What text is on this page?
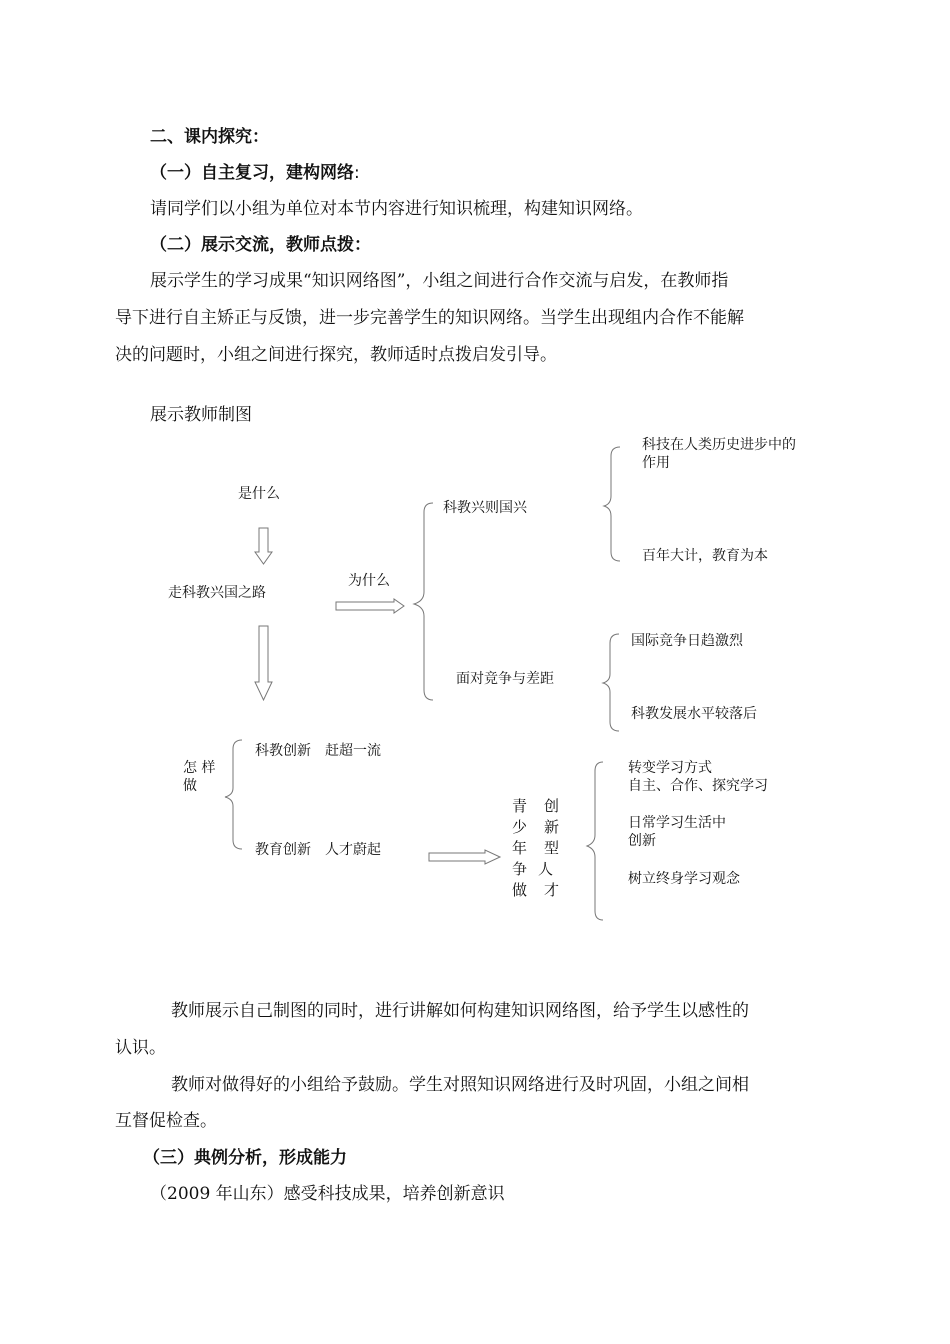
二、课内探究：
（一）自主复习，建构网络:
请同学们以小组为单位对本节内容进行知识梳理，构建知识网络。
（二）展示交流，教师点拨：
展示学生的学习成果“知识网络图”，小组之间进行合作交流与启发，在教师指
导下进行自主矫正与反馈，进一步完善学生的知识网络。当学生出现组内合作不能解
决的问题时，小组之间进行探究，教师适时点拨启发引导。
展示教师制图
是什么
走科教兴国之路
为什么
科教兴则国兴
科技在人类历史进步中的
作用
百年大计，教育为本
面对竞争与差距
国际竞争日趋激烈
科教发展水平较落后
怎 样
做
科教创新　赶超一流
教育创新　人才蔚起
青
少
年
争
做
创
新
型
人
才
转变学习方式
自主、合作、探究学习
日常学习生活中
创新
树立终身学习观念
教师展示自己制图的同时，进行讲解如何构建知识网络图，给予学生以感性的
认识。
教师对做得好的小组给予鼓励。学生对照知识网络进行及时巩固，小组之间相
互督促检查。
（三）典例分析，形成能力
（2009 年山东）感受科技成果，培养创新意识
